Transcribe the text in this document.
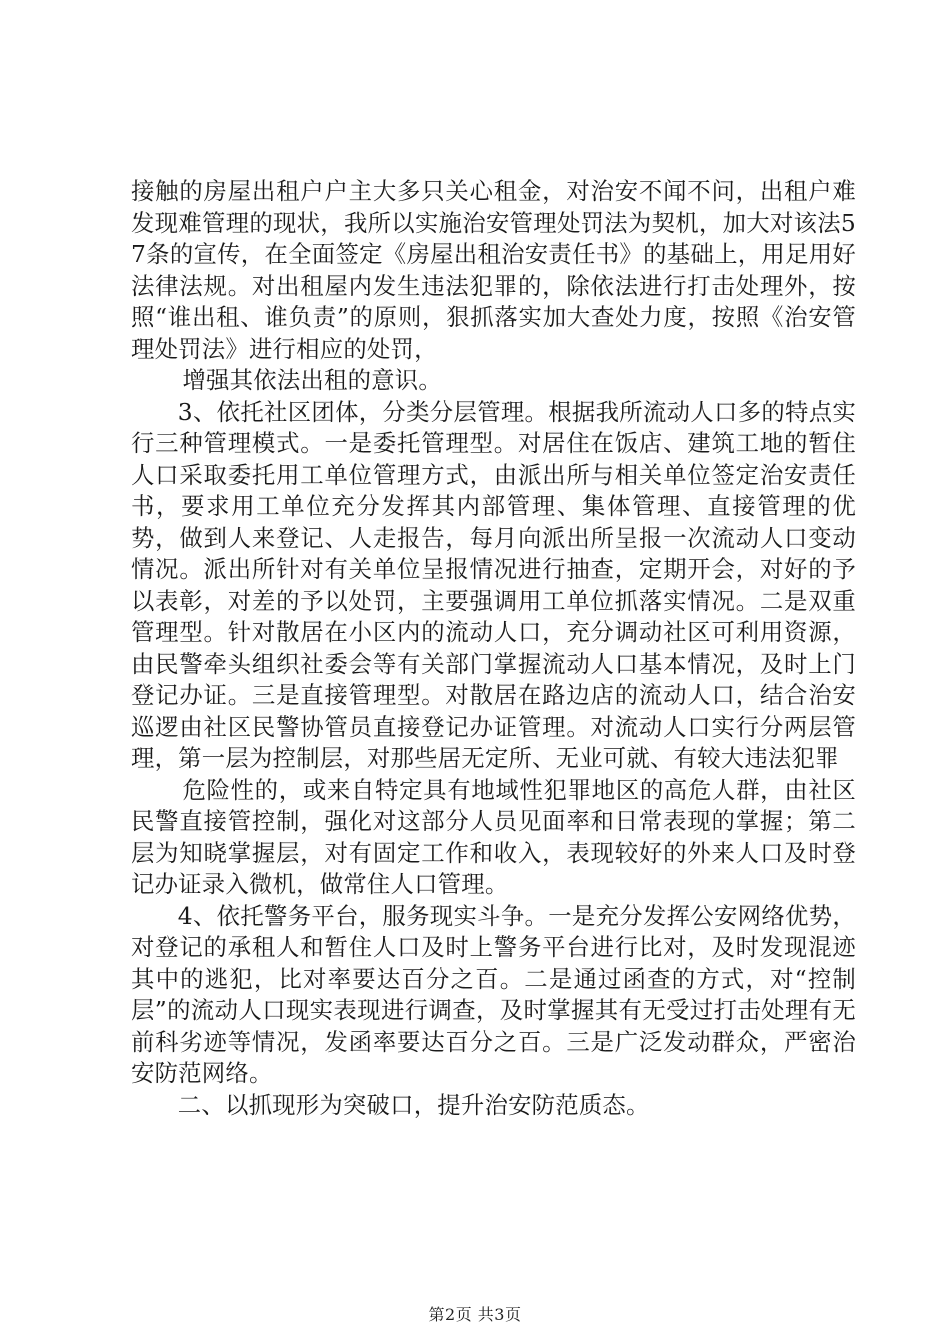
接触的房屋出租户户主大多只关心租金，对治安不闻不问，出租户难发现难管理的现状，我所以实施治安管理处罚法为契机，加大对该法57条的宣传，在全面签定《房屋出租治安责任书》的基础上，用足用好法律法规。对出租屋内发生违法犯罪的，除依法进行打击处理外，按照“谁出租、谁负责”的原则，狠抓落实加大查处力度，按照《治安管理处罚法》进行相应的处罚，

增强其依法出租的意识。

3、依托社区团体，分类分层管理。根据我所流动人口多的特点实行三种管理模式。一是委托管理型。对居住在饭店、建筑工地的暂住人口采取委托用工单位管理方式，由派出所与相关单位签定治安责任书，要求用工单位充分发挥其内部管理、集体管理、直接管理的优势，做到人来登记、人走报告，每月向派出所呈报一次流动人口变动情况。派出所针对有关单位呈报情况进行抽查，定期开会，对好的予以表彰，对差的予以处罚，主要强调用工单位抓落实情况。二是双重管理型。针对散居在小区内的流动人口，充分调动社区可利用资源，由民警牵头组织社委会等有关部门掌握流动人口基本情况，及时上门登记办证。三是直接管理型。对散居在路边店的流动人口，结合治安巡逻由社区民警协管员直接登记办证管理。对流动人口实行分两层管理，第一层为控制层，对那些居无定所、无业可就、有较大违法犯罪

危险性的，或来自特定具有地域性犯罪地区的高危人群，由社区民警直接管控制，强化对这部分人员见面率和日常表现的掌握；第二层为知晓掌握层，对有固定工作和收入，表现较好的外来人口及时登记办证录入微机，做常住人口管理。

4、依托警务平台，服务现实斗争。一是充分发挥公安网络优势，对登记的承租人和暂住人口及时上警务平台进行比对，及时发现混迹其中的逃犯，比对率要达百分之百。二是通过函查的方式，对“控制层”的流动人口现实表现进行调查，及时掌握其有无受过打击处理有无前科劣迹等情况，发函率要达百分之百。三是广泛发动群众，严密治安防范网络。

二、以抓现形为突破口，提升治安防范质态。

第2页 共3页
